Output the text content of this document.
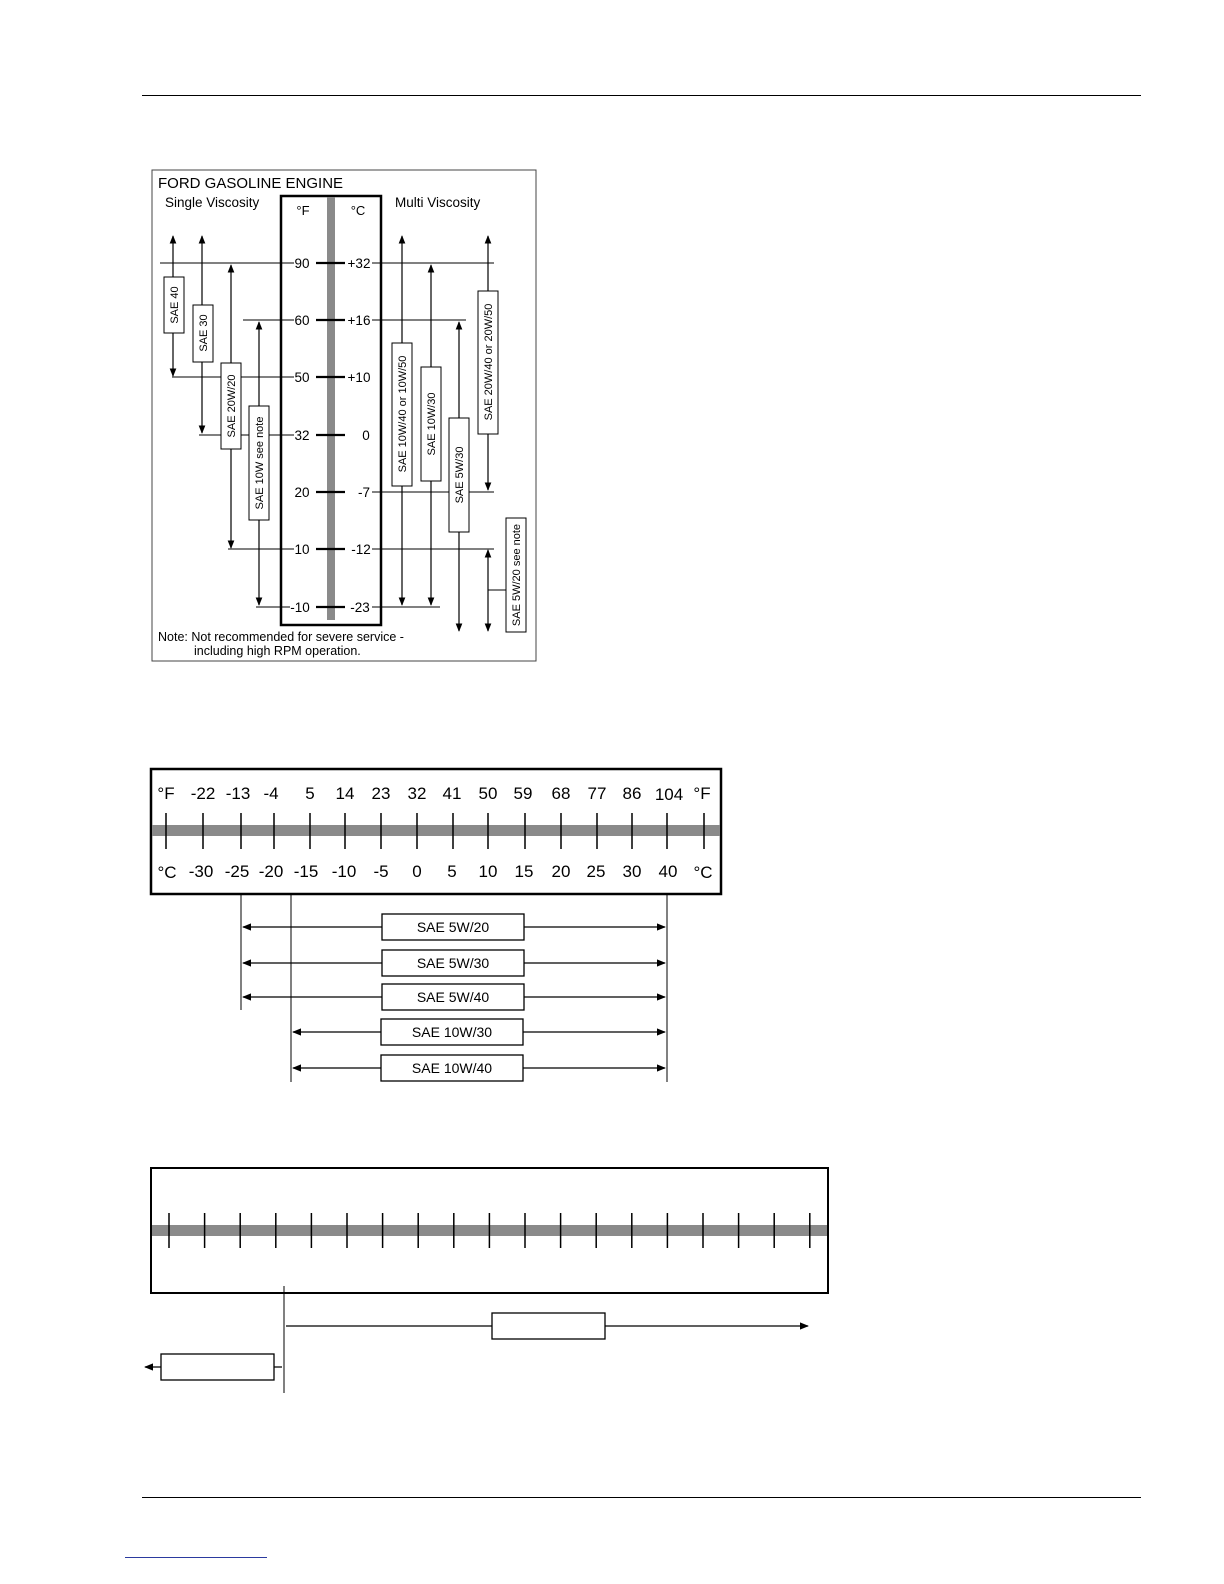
FORD GASOLINE ENGINE
Single Viscosity	Multi Viscosity
°F	°C
90	+32
60	+16
50	+10
32	0
20	-7
10	-12
-10	-23
SAE 40
SAE 30
SAE 20W/20
SAE 10W see note	SAE 10W/40 or 10W/50 SAE 10W/30
SAE 5W/30
SAE 20W/40 or 20W/50
SAE 5W/20 see note
Note: Not recommended for severe service -
including high RPM operation.
°F	°F
°C	°C
-22 -13 -4 5 14 23 32 41 50 59 68 77 86 104
-30 -25 -20 -15 -10 -5 0 5 10 15 20 25 30 40
SAE 5W/20
SAE 5W/30
SAE 5W/40
SAE 10W/30
SAE 10W/40
